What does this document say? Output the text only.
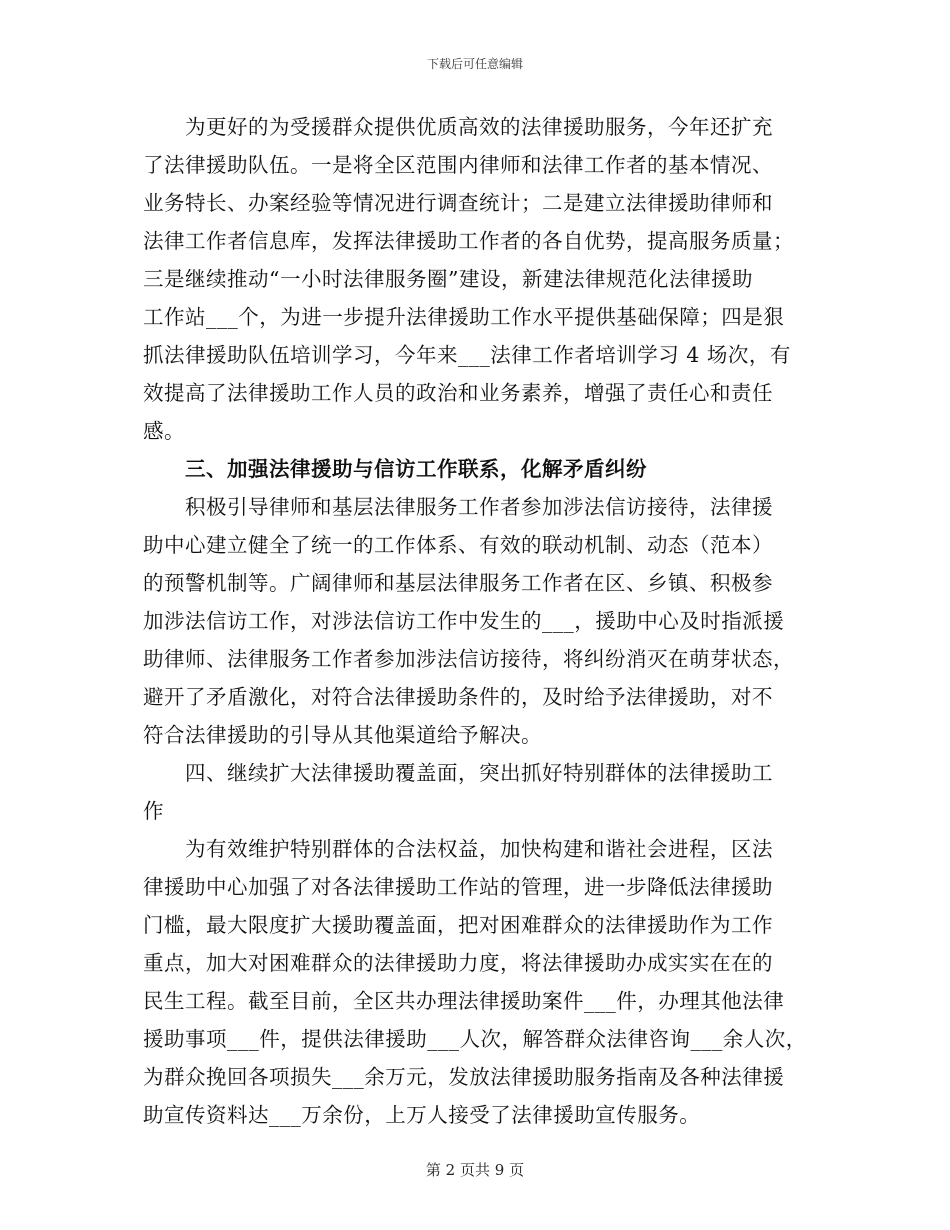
下载后可任意编辑
为更好的为受援群众提供优质高效的法律援助服务，今年还扩充
了法律援助队伍。一是将全区范围内律师和法律工作者的基本情况、
业务特长、办案经验等情况进行调查统计；二是建立法律援助律师和
法律工作者信息库，发挥法律援助工作者的各自优势，提高服务质量；
三是继续推动“一小时法律服务圈”建设，新建法律规范化法律援助
工作站___个，为进一步提升法律援助工作水平提供基础保障；四是狠
抓法律援助队伍培训学习，今年来___法律工作者培训学习 4 场次，有
效提高了法律援助工作人员的政治和业务素养，增强了责任心和责任
感。
三、加强法律援助与信访工作联系，化解矛盾纠纷
积极引导律师和基层法律服务工作者参加涉法信访接待，法律援
助中心建立健全了统一的工作体系、有效的联动机制、动态（范本）
的预警机制等。广阔律师和基层法律服务工作者在区、乡镇、积极参
加涉法信访工作，对涉法信访工作中发生的___，援助中心及时指派援
助律师、法律服务工作者参加涉法信访接待，将纠纷消灭在萌芽状态，
避开了矛盾激化，对符合法律援助条件的，及时给予法律援助，对不
符合法律援助的引导从其他渠道给予解决。
四、继续扩大法律援助覆盖面，突出抓好特别群体的法律援助工
作
为有效维护特别群体的合法权益，加快构建和谐社会进程，区法
律援助中心加强了对各法律援助工作站的管理，进一步降低法律援助
门槛，最大限度扩大援助覆盖面，把对困难群众的法律援助作为工作
重点，加大对困难群众的法律援助力度，将法律援助办成实实在在的
民生工程。截至目前，全区共办理法律援助案件___件，办理其他法律
援助事项___件，提供法律援助___人次，解答群众法律咨询___余人次，
为群众挽回各项损失___余万元，发放法律援助服务指南及各种法律援
助宣传资料达___万余份，上万人接受了法律援助宣传服务。
第 2 页共 9 页
